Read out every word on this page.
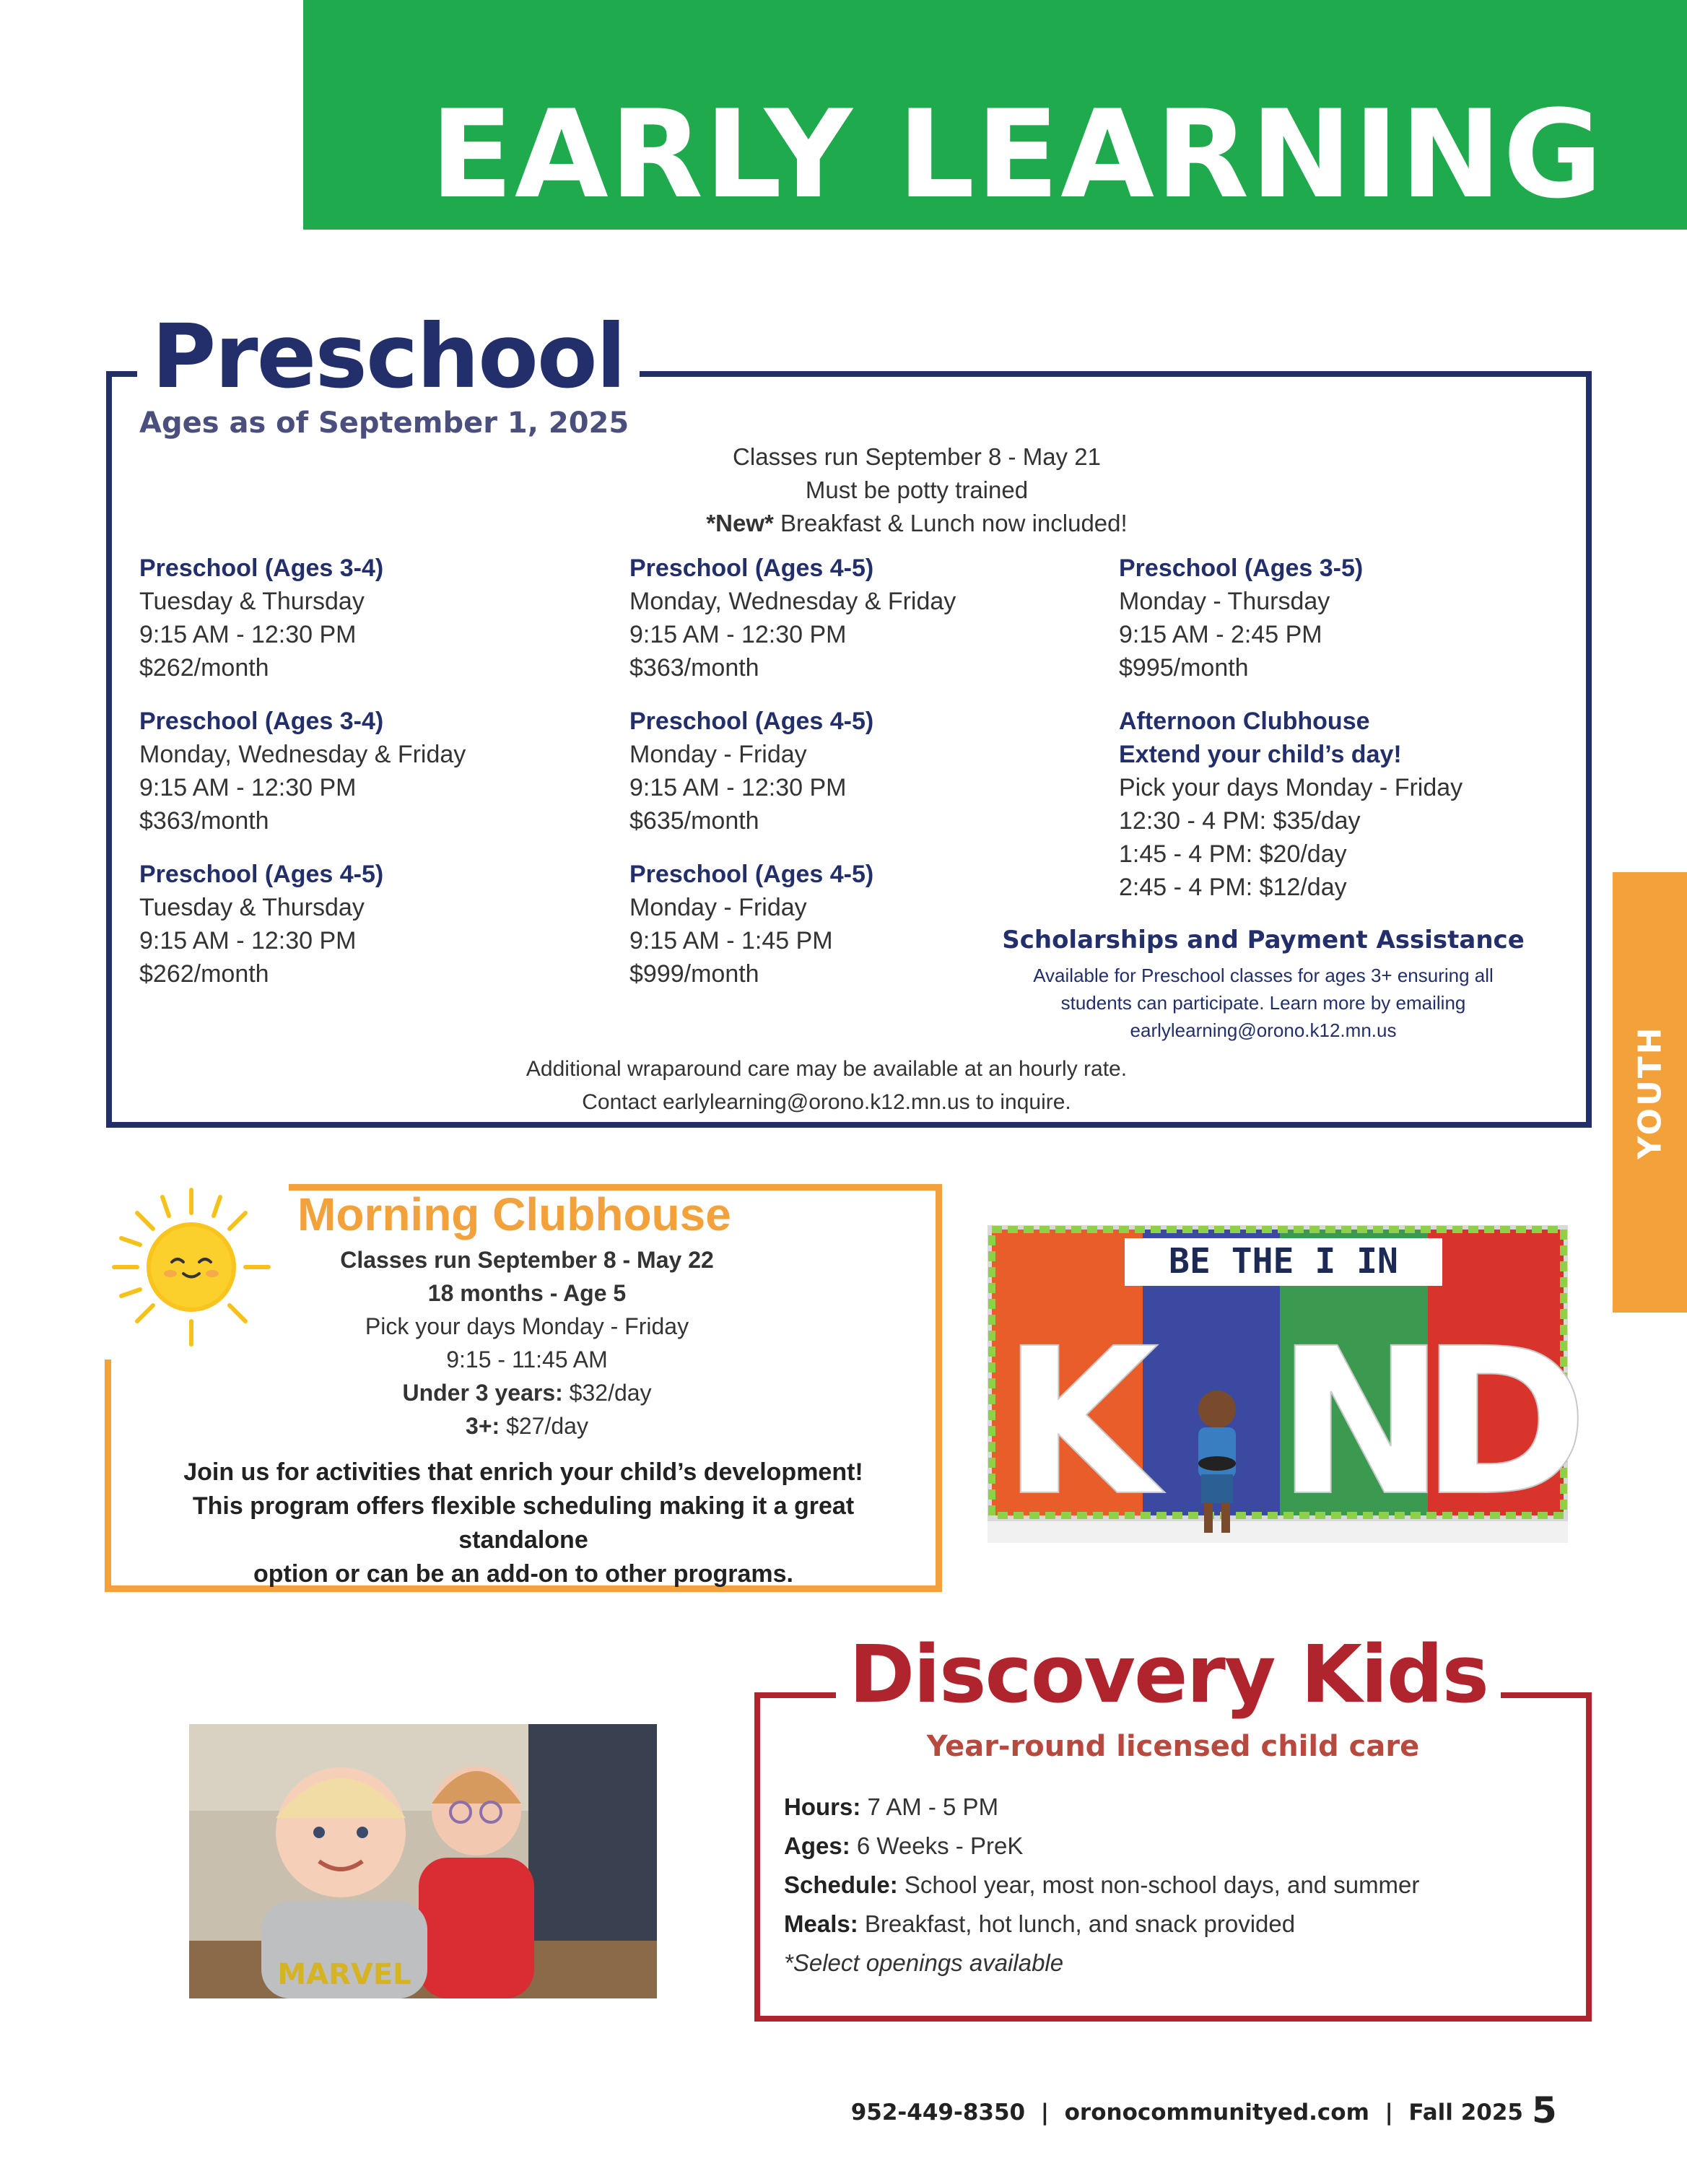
EARLY LEARNING
YOUTH
Preschool
Ages as of September 1, 2025
Classes run September 8 - May 21
Must be potty trained
*New* Breakfast & Lunch now included!
Preschool (Ages 3-4)
Tuesday & Thursday
9:15 AM - 12:30 PM
$262/month
Preschool (Ages 3-4)
Monday, Wednesday & Friday
9:15 AM - 12:30 PM
$363/month
Preschool (Ages 4-5)
Tuesday & Thursday
9:15 AM - 12:30 PM
$262/month
Preschool (Ages 4-5)
Monday, Wednesday & Friday
9:15 AM - 12:30 PM
$363/month
Preschool (Ages 4-5)
Monday - Friday
9:15 AM - 12:30 PM
$635/month
Preschool (Ages 4-5)
Monday - Friday
9:15 AM - 1:45 PM
$999/month
Preschool (Ages 3-5)
Monday - Thursday
9:15 AM - 2:45 PM
$995/month
Afternoon Clubhouse
Extend your child’s day!
Pick your days Monday - Friday
12:30 - 4 PM: $35/day
1:45 - 4 PM: $20/day
2:45 - 4 PM: $12/day
Scholarships and Payment Assistance
Available for Preschool classes for ages 3+ ensuring all
students can participate. Learn more by emailing
earlylearning@orono.k12.mn.us
Additional wraparound care may be available at an hourly rate.
Contact earlylearning@orono.k12.mn.us to inquire.
Morning Clubhouse
Classes run September 8 - May 22
18 months - Age 5
Pick your days Monday - Friday
9:15 - 11:45 AM
Under 3 years: $32/day
3+: $27/day
Join us for activities that enrich your child’s development!
This program offers flexible scheduling making it a great standalone
option or can be an add-on to other programs.
BE THE I IN
K N
D
MARVEL
Discovery Kids
Year-round licensed child care
Hours: 7 AM - 5 PM
Ages: 6 Weeks - PreK
Schedule: School year, most non-school days, and summer
Meals: Breakfast, hot lunch, and snack provided
*Select openings available
952-449-8350  |  oronocommunityed.com  |  Fall 2025 5
